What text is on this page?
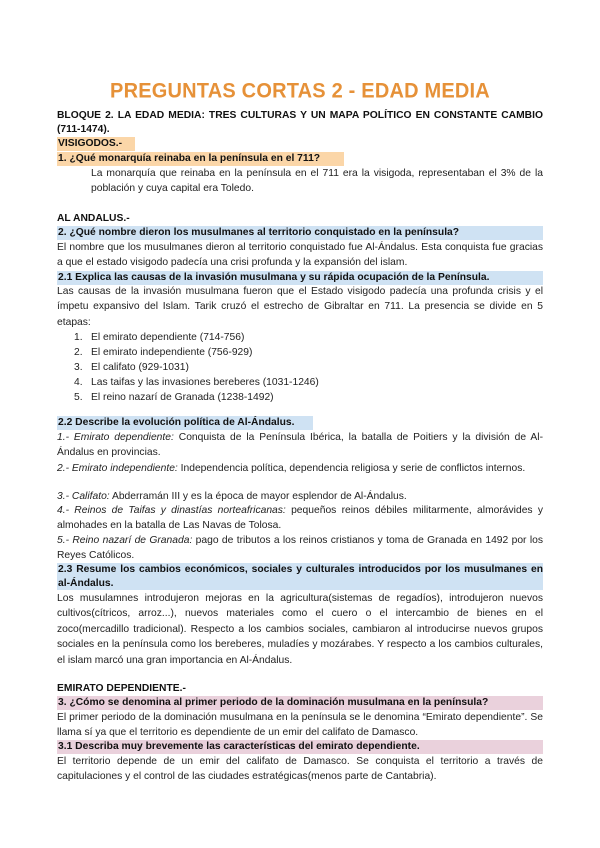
PREGUNTAS CORTAS 2 - EDAD MEDIA
BLOQUE 2. LA EDAD MEDIA: TRES CULTURAS Y UN MAPA POLÍTICO EN CONSTANTE CAMBIO (711-1474).
VISIGODOS.-
1. ¿Qué monarquía reinaba en la península en el 711?
La monarquía que reinaba en la península en el 711 era la visigoda, representaban el 3% de la población y cuya capital era Toledo.
AL ANDALUS.-
2. ¿Qué nombre dieron los musulmanes al territorio conquistado en la península?
El nombre que los musulmanes dieron al territorio conquistado fue Al-Ándalus. Esta conquista fue gracias a que el estado visigodo padecía una crisi profunda y la expansión del islam.
2.1 Explica las causas de la invasión musulmana y su rápida ocupación de la Península.
Las causas de la invasión musulmana fueron que el Estado visigodo padecía una profunda crisis y el ímpetu expansivo del Islam. Tarik cruzó el estrecho de Gibraltar en 711. La presencia se divide en 5 etapas:
1. El emirato dependiente (714-756)
2. El emirato independiente (756-929)
3. El califato (929-1031)
4. Las taifas y las invasiones bereberes (1031-1246)
5. El reino nazarí de Granada (1238-1492)
2.2 Describe la evolución política de Al-Ándalus.
1.- Emirato dependiente: Conquista de la Península Ibérica, la batalla de Poitiers y la división de Al-Ándalus en provincias.
2.- Emirato independiente: Independencia política, dependencia religiosa y serie de conflictos internos.
3.- Califato: Abderramán III y es la época de mayor esplendor de Al-Ándalus.
4.- Reinos de Taifas y dinastías norteafricanas: pequeños reinos débiles militarmente, almorávides y almohades en la batalla de Las Navas de Tolosa.
5.- Reino nazarí de Granada: pago de tributos a los reinos cristianos y toma de Granada en 1492 por los Reyes Católicos.
2.3 Resume los cambios económicos, sociales y culturales introducidos por los musulmanes en al-Ándalus.
Los musulamnes introdujeron mejoras en la agricultura(sistemas de regadíos), introdujeron nuevos cultivos(cítricos, arroz...), nuevos materiales como el cuero o el intercambio de bienes en el zoco(mercadillo tradicional). Respecto a los cambios sociales, cambiaron al introducirse nuevos grupos sociales en la península como los bereberes, muladíes y mozárabes. Y respecto a los cambios culturales, el islam marcó una gran importancia en Al-Ándalus.
EMIRATO DEPENDIENTE.-
3. ¿Cómo se denomina al primer periodo de la dominación musulmana en la península?
El primer periodo de la dominación musulmana en la península se le denomina “Emirato dependiente”. Se llama sí ya que el territorio es dependiente de un emir del califato de Damasco.
3.1 Describa muy brevemente las características del emirato dependiente.
El territorio depende de un emir del califato de Damasco. Se conquista el territorio a través de capitulaciones y el control de las ciudades estratégicas(menos parte de Cantabria).
